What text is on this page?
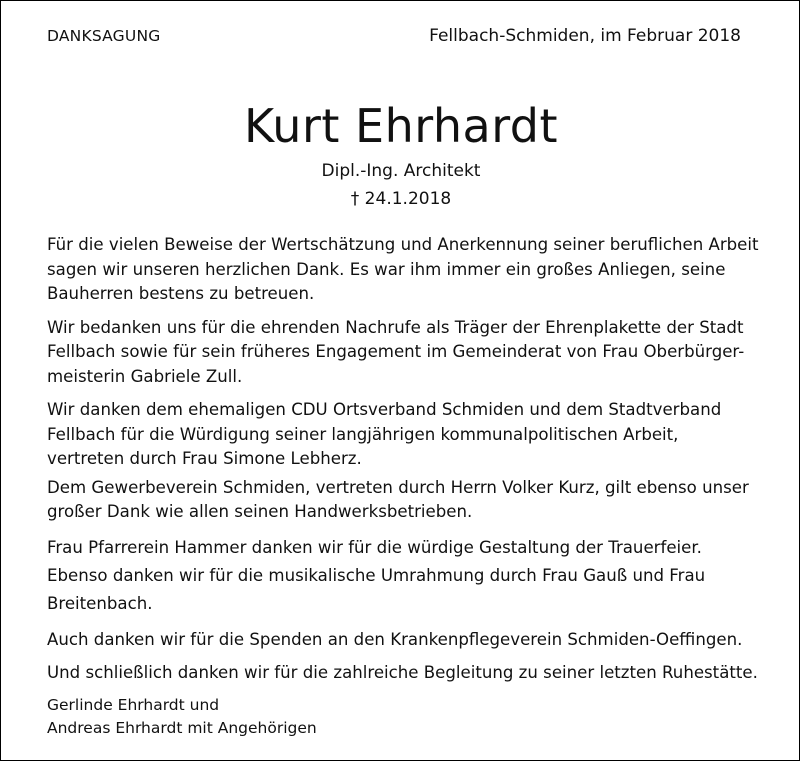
DANKSAGUNG	Fellbach-Schmiden, im Februar 2018
Kurt Ehrhardt
Dipl.-Ing. Architekt
† 24.1.2018

Für die vielen Beweise der Wertschätzung und Anerkennung seiner beruflichen Arbeit sagen wir unseren herzlichen Dank. Es war ihm immer ein großes Anliegen, seine Bauherren bestens zu betreuen.

Wir bedanken uns für die ehrenden Nachrufe als Träger der Ehrenplakette der Stadt Fellbach sowie für sein früheres Engagement im Gemeinderat von Frau Oberbürger-meisterin Gabriele Zull.

Wir danken dem ehemaligen CDU Ortsverband Schmiden und dem Stadtverband Fellbach für die Würdigung seiner langjährigen kommunalpolitischen Arbeit, vertreten durch Frau Simone Lebherz.

Dem Gewerbeverein Schmiden, vertreten durch Herrn Volker Kurz, gilt ebenso unser großer Dank wie allen seinen Handwerksbetrieben.

Frau Pfarrerein Hammer danken wir für die würdige Gestaltung der Trauerfeier. Ebenso danken wir für die musikalische Umrahmung durch Frau Gauß und Frau Breitenbach.

Auch danken wir für die Spenden an den Krankenpflegeverein Schmiden-Oeffingen.

Und schließlich danken wir für die zahlreiche Begleitung zu seiner letzten Ruhestätte.

Gerlinde Ehrhardt und
Andreas Ehrhardt mit Angehörigen
